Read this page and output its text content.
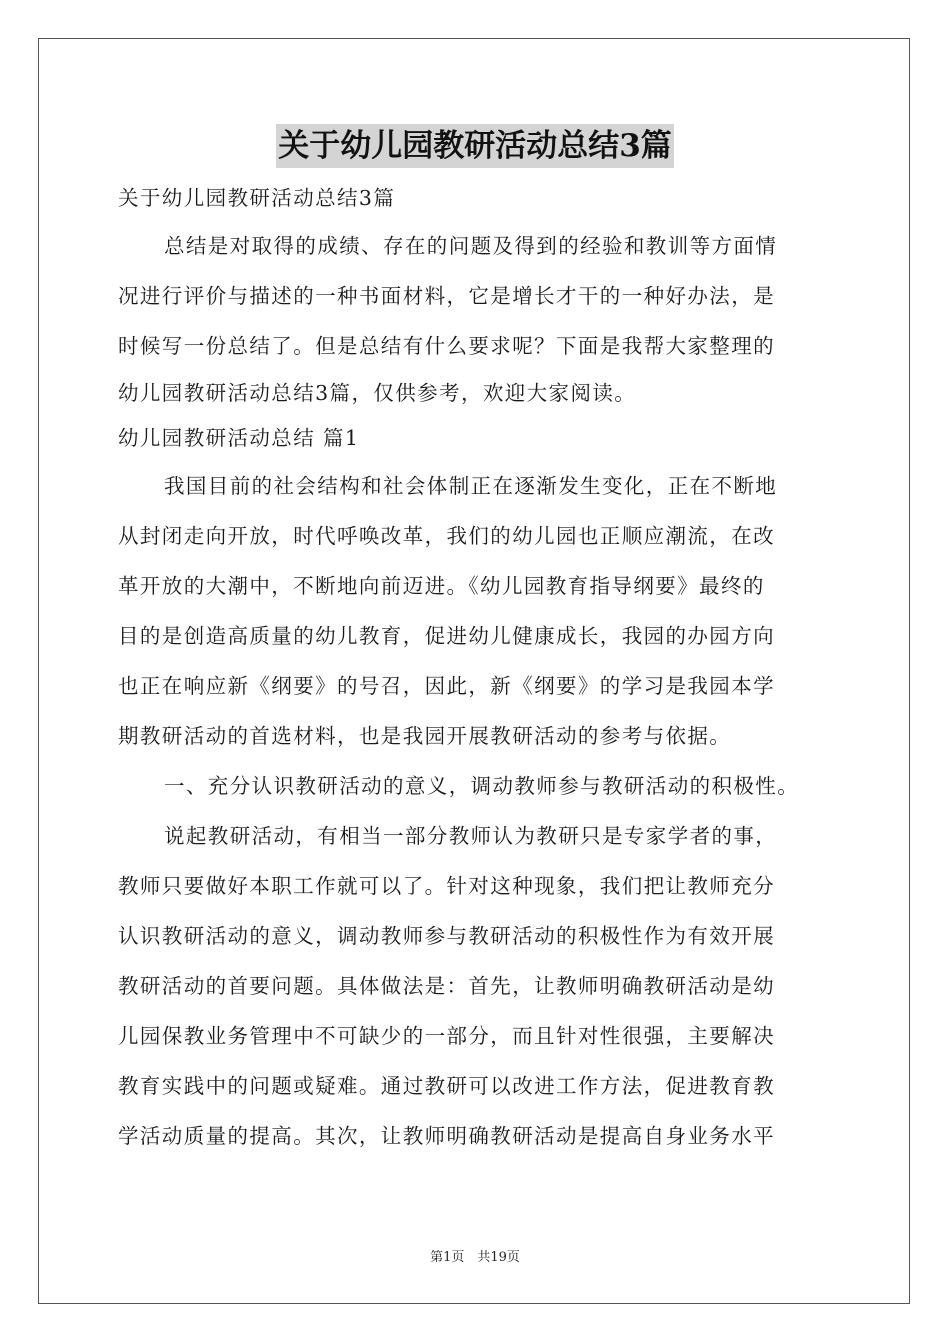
关于幼儿园教研活动总结3篇
关于幼儿园教研活动总结3篇
总结是对取得的成绩、存在的问题及得到的经验和教训等方面情
况进行评价与描述的一种书面材料，它是增长才干的一种好办法，是
时候写一份总结了。但是总结有什么要求呢？下面是我帮大家整理的
幼儿园教研活动总结3篇，仅供参考，欢迎大家阅读。
幼儿园教研活动总结 篇1
我国目前的社会结构和社会体制正在逐渐发生变化，正在不断地
从封闭走向开放，时代呼唤改革，我们的幼儿园也正顺应潮流，在改
革开放的大潮中，不断地向前迈进。《幼儿园教育指导纲要》最终的
目的是创造高质量的幼儿教育，促进幼儿健康成长，我园的办园方向
也正在响应新《纲要》的号召，因此，新《纲要》的学习是我园本学
期教研活动的首选材料，也是我园开展教研活动的参考与依据。
一、充分认识教研活动的意义，调动教师参与教研活动的积极性。
说起教研活动，有相当一部分教师认为教研只是专家学者的事，
教师只要做好本职工作就可以了。针对这种现象，我们把让教师充分
认识教研活动的意义，调动教师参与教研活动的积极性作为有效开展
教研活动的首要问题。具体做法是：首先，让教师明确教研活动是幼
儿园保教业务管理中不可缺少的一部分，而且针对性很强，主要解决
教育实践中的问题或疑难。通过教研可以改进工作方法，促进教育教
学活动质量的提高。其次，让教师明确教研活动是提高自身业务水平
第1页　共19页
